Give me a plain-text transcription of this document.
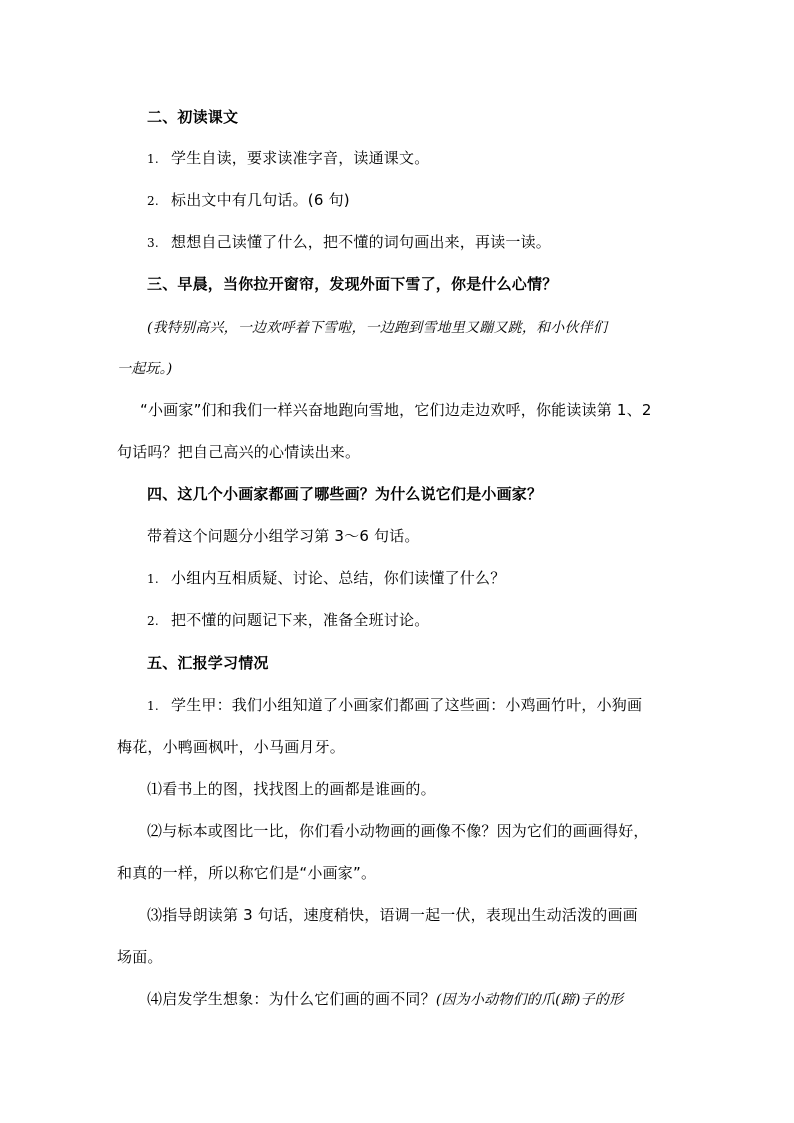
二、初读课文
1. 学生自读，要求读准字音，读通课文。
2. 标出文中有几句话。(6 句)
3. 想想自己读懂了什么，把不懂的词句画出来，再读一读。
三、早晨，当你拉开窗帘，发现外面下雪了，你是什么心情？
(我特别高兴，一边欢呼着下雪啦，一边跑到雪地里又蹦又跳，和小伙伴们
一起玩。)
“小画家”们和我们一样兴奋地跑向雪地，它们边走边欢呼，你能读读第 1、2
句话吗？把自己高兴的心情读出来。
四、这几个小画家都画了哪些画？为什么说它们是小画家？
带着这个问题分小组学习第 3～6 句话。
1. 小组内互相质疑、讨论、总结，你们读懂了什么？
2. 把不懂的问题记下来，准备全班讨论。
五、汇报学习情况
1. 学生甲：我们小组知道了小画家们都画了这些画：小鸡画竹叶，小狗画
梅花，小鸭画枫叶，小马画月牙。
⑴看书上的图，找找图上的画都是谁画的。
⑵与标本或图比一比，你们看小动物画的画像不像？因为它们的画画得好，
和真的一样，所以称它们是“小画家”。
⑶指导朗读第 3 句话，速度稍快，语调一起一伏，表现出生动活泼的画画
场面。
⑷启发学生想象：为什么它们画的画不同？(因为小动物们的爪(蹄)子的形
